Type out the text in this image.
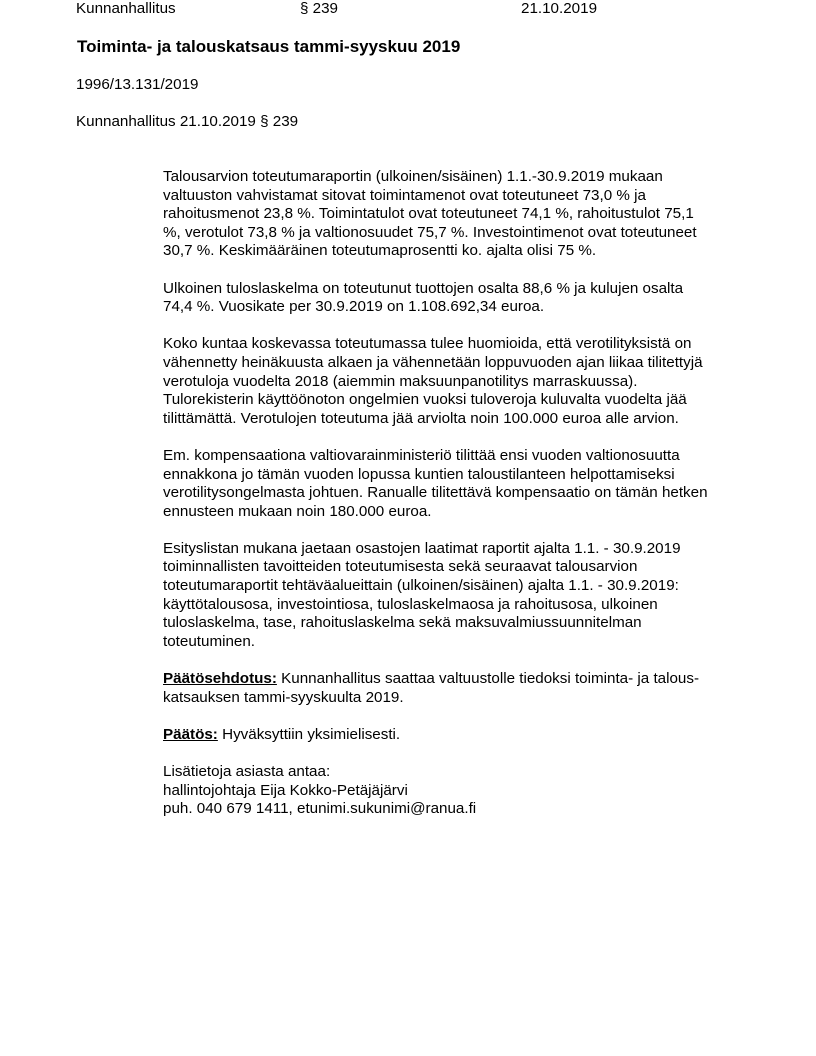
Kunnanhallitus	§ 239	21.10.2019
Toiminta- ja talouskatsaus tammi-syyskuu 2019
1996/13.131/2019
Kunnanhallitus 21.10.2019 § 239
Talousarvion toteutumaraportin (ulkoinen/sisäinen) 1.1.-30.9.2019 mukaan
valtuuston vahvistamat sitovat toimintamenot ovat toteutuneet 73,0 % ja
rahoitusmenot 23,8 %. Toimintatulot ovat toteutuneet 74,1 %, rahoitustulot 75,1
%, verotulot 73,8 % ja valtionosuudet 75,7 %. Investointimenot ovat toteutuneet
30,7 %. Keskimääräinen toteutumaprosentti ko. ajalta olisi 75 %.
Ulkoinen tuloslaskelma on toteutunut tuottojen osalta 88,6 % ja kulujen osalta
74,4 %. Vuosikate per 30.9.2019 on 1.108.692,34 euroa.
Koko kuntaa koskevassa toteutumassa tulee huomioida, että verotilityksistä on
vähennetty heinäkuusta alkaen ja vähennetään loppuvuoden ajan liikaa tilitettyjä
verotuloja vuodelta 2018 (aiemmin maksuunpanotilitys marraskuussa).
Tulorekisterin käyttöönoton ongelmien vuoksi tuloveroja kuluvalta vuodelta jää
tilittämättä. Verotulojen toteutuma jää arviolta noin 100.000 euroa alle arvion.
Em. kompensaationa valtiovarainministeriö tilittää ensi vuoden valtionosuutta
ennakkona jo tämän vuoden lopussa kuntien taloustilanteen helpottamiseksi
verotilitysongelmasta johtuen. Ranualle tilitettävä kompensaatio on tämän hetken
ennusteen mukaan noin 180.000 euroa.
Esityslistan mukana jaetaan osastojen laatimat raportit ajalta 1.1. - 30.9.2019
toiminnallisten tavoitteiden toteutumisesta sekä seuraavat talousarvion
toteutumaraportit tehtäväalueittain (ulkoinen/sisäinen) ajalta 1.1. - 30.9.2019:
käyttötalousosa, investointiosa, tuloslaskelmaosa ja rahoitusosa, ulkoinen
tuloslaskelma, tase, rahoituslaskelma sekä maksuvalmiussuunnitelman
toteutuminen.
Päätösehdotus: Kunnanhallitus saattaa valtuustolle tiedoksi toiminta- ja talous-
katsauksen tammi-syyskuulta 2019.
Päätös: Hyväksyttiin yksimielisesti.
Lisätietoja asiasta antaa:
hallintojohtaja Eija Kokko-Petäjäjärvi
puh. 040 679 1411, etunimi.sukunimi@ranua.fi
